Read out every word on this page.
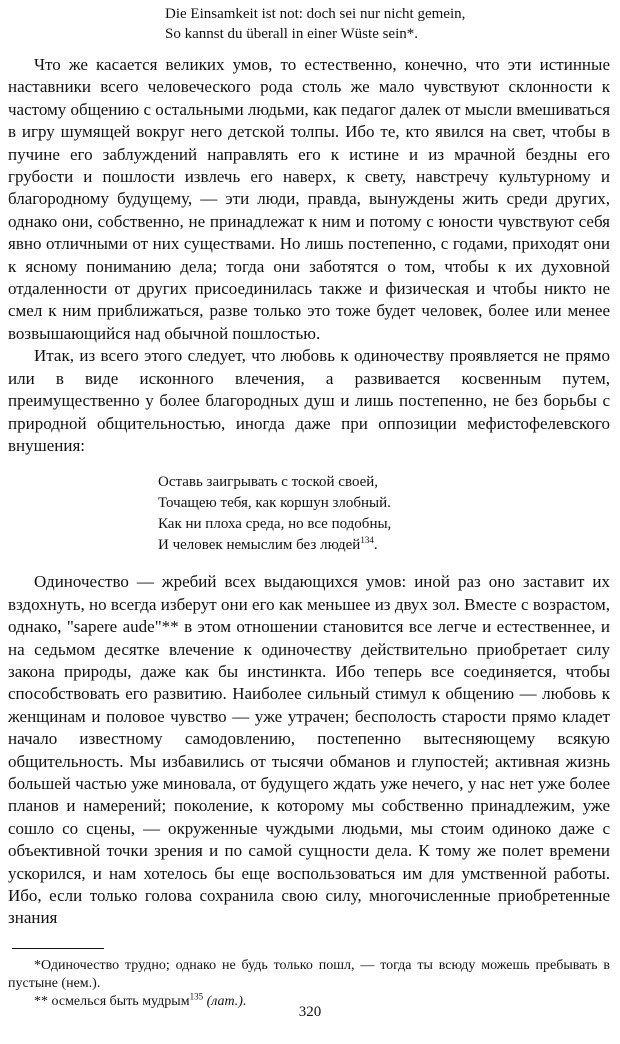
Die Einsamkeit ist not: doch sei nur nicht gemein,
So kannst du überall in einer Wüste sein*.

Что же касается великих умов, то естественно, конечно, что эти истинные наставники всего человеческого рода столь же мало чувствуют склонности к частому общению с остальными людьми, как педагог далек от мысли вмешиваться в игру шумящей вокруг него детской толпы. Ибо те, кто явился на свет, чтобы в пучине его заблуждений направлять его к истине и из мрачной бездны его грубости и пошлости извлечь его наверх, к свету, навстречу культурному и благородному будущему, — эти люди, правда, вынуждены жить среди других, однако они, собственно, не принадлежат к ним и потому с юности чувствуют себя явно отличными от них существами. Но лишь постепенно, с годами, приходят они к ясному пониманию дела; тогда они заботятся о том, чтобы к их духовной отдаленности от других присоединилась также и физическая и чтобы никто не смел к ним приближаться, разве только это тоже будет человек, более или менее возвышающийся над обычной пошлостью.

Итак, из всего этого следует, что любовь к одиночеству проявляется не прямо или в виде исконного влечения, а развивается косвенным путем, преимущественно у более благородных душ и лишь постепенно, не без борьбы с природной общительностью, иногда даже при оппозиции мефистофелевского внушения:

Оставь заигрывать с тоской своей,
Точащею тебя, как коршун злобный.
Как ни плоха среда, но все подобны,
И человек немыслим без людей$^{134}$.

Одиночество — жребий всех выдающихся умов: иной раз оно заставит их вздохнуть, но всегда изберут они его как меньшее из двух зол. Вместе с возрастом, однако, "sapere aude"** в этом отношении становится все легче и естественнее, и на седьмом десятке влечение к одиночеству действительно приобретает силу закона природы, даже как бы инстинкта. Ибо теперь все соединяется, чтобы способствовать его развитию. Наиболее сильный стимул к общению — любовь к женщинам и половое чувство — уже утрачен; бесполость старости прямо кладет начало известному самодовлению, постепенно вытесняющему всякую общительность. Мы избавились от тысячи обманов и глупостей; активная жизнь большей частью уже миновала, от будущего ждать уже нечего, у нас нет уже более планов и намерений; поколение, к которому мы собственно принадлежим, уже сошло со сцены, — окруженные чуждыми людьми, мы стоим одиноко даже с объективной точки зрения и по самой сущности дела. К тому же полет времени ускорился, и нам хотелось бы еще воспользоваться им для умственной работы. Ибо, если только голова сохранила свою силу, многочисленные приобретенные знания

*Одиночество трудно; однако не будь только пошл, — тогда ты всюду можешь пребывать в пустыне (нем.).

** осмелься быть мудрым$^{135}$ (лат.).

320
